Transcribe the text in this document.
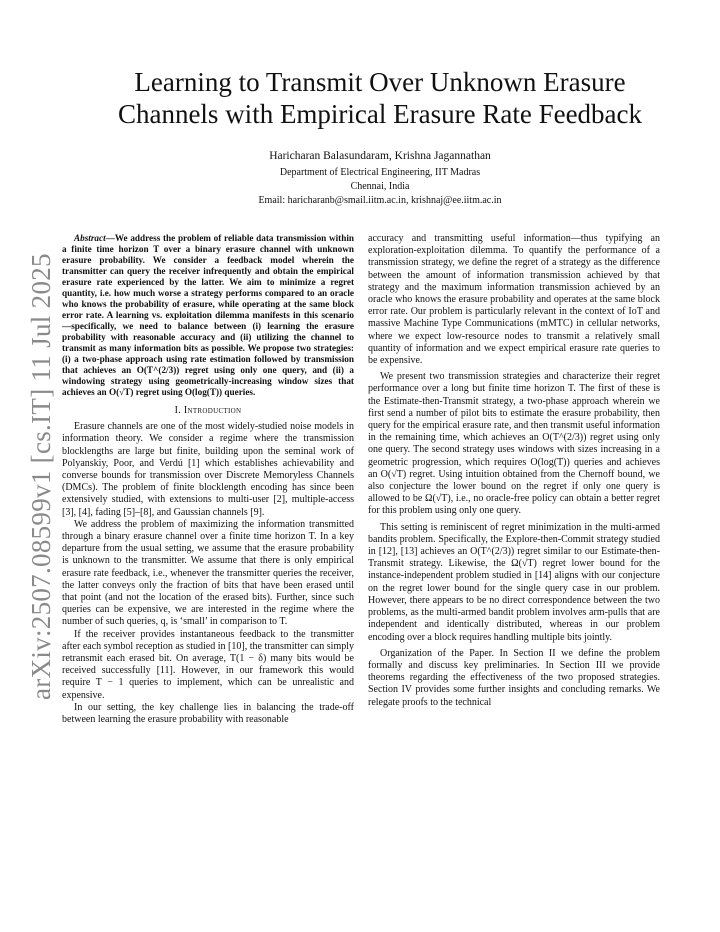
arXiv:2507.08599v1 [cs.IT] 11 Jul 2025
Learning to Transmit Over Unknown Erasure
Channels with Empirical Erasure Rate Feedback
Haricharan Balasundaram, Krishna Jagannathan
Department of Electrical Engineering, IIT Madras
Chennai, India
Email: haricharanb@smail.iitm.ac.in, krishnaj@ee.iitm.ac.in

Abstract—We address the problem of reliable data transmission within a finite time horizon T over a binary erasure channel with unknown erasure probability. We consider a feedback model wherein the transmitter can query the receiver infrequently and obtain the empirical erasure rate experienced by the latter. We aim to minimize a regret quantity, i.e. how much worse a strategy performs compared to an oracle who knows the probability of erasure, while operating at the same block error rate. A learning vs. exploitation dilemma manifests in this scenario—specifically, we need to balance between (i) learning the erasure probability with reasonable accuracy and (ii) utilizing the channel to transmit as many information bits as possible. We propose two strategies: (i) a two-phase approach using rate estimation followed by transmission that achieves an O(T^(2/3)) regret using only one query, and (ii) a windowing strategy using geometrically-increasing window sizes that achieves an O(√T) regret using O(log(T)) queries.

I. Introduction

Erasure channels are one of the most widely-studied noise models in information theory. We consider a regime where the transmission blocklengths are large but finite, building upon the seminal work of Polyanskiy, Poor, and Verdú [1] which establishes achievability and converse bounds for transmission over Discrete Memoryless Channels (DMCs). The problem of finite blocklength encoding has since been extensively studied, with extensions to multi-user [2], multiple-access [3], [4], fading [5]–[8], and Gaussian channels [9].

We address the problem of maximizing the information transmitted through a binary erasure channel over a finite time horizon T. In a key departure from the usual setting, we assume that the erasure probability is unknown to the transmitter. We assume that there is only empirical erasure rate feedback, i.e., whenever the transmitter queries the receiver, the latter conveys only the fraction of bits that have been erased until that point (and not the location of the erased bits). Further, since such queries can be expensive, we are interested in the regime where the number of such queries, q, is ‘small’ in comparison to T.

If the receiver provides instantaneous feedback to the transmitter after each symbol reception as studied in [10], the transmitter can simply retransmit each erased bit. On average, T(1 − δ) many bits would be received successfully [11]. However, in our framework this would require T − 1 queries to implement, which can be unrealistic and expensive.

In our setting, the key challenge lies in balancing the trade-off between learning the erasure probability with reasonable

accuracy and transmitting useful information—thus typifying an exploration-exploitation dilemma. To quantify the performance of a transmission strategy, we define the regret of a strategy as the difference between the amount of information transmission achieved by that strategy and the maximum information transmission achieved by an oracle who knows the erasure probability and operates at the same block error rate. Our problem is particularly relevant in the context of IoT and massive Machine Type Communications (mMTC) in cellular networks, where we expect low-resource nodes to transmit a relatively small quantity of information and we expect empirical erasure rate queries to be expensive.

We present two transmission strategies and characterize their regret performance over a long but finite time horizon T. The first of these is the Estimate-then-Transmit strategy, a two-phase approach wherein we first send a number of pilot bits to estimate the erasure probability, then query for the empirical erasure rate, and then transmit useful information in the remaining time, which achieves an O(T^(2/3)) regret using only one query. The second strategy uses windows with sizes increasing in a geometric progression, which requires O(log(T)) queries and achieves an O(√T) regret. Using intuition obtained from the Chernoff bound, we also conjecture the lower bound on the regret if only one query is allowed to be Ω(√T), i.e., no oracle-free policy can obtain a better regret for this problem using only one query.

This setting is reminiscent of regret minimization in the multi-armed bandits problem. Specifically, the Explore-then-Commit strategy studied in [12], [13] achieves an O(T^(2/3)) regret similar to our Estimate-then-Transmit strategy. Likewise, the Ω(√T) regret lower bound for the instance-independent problem studied in [14] aligns with our conjecture on the regret lower bound for the single query case in our problem. However, there appears to be no direct correspondence between the two problems, as the multi-armed bandit problem involves arm-pulls that are independent and identically distributed, whereas in our problem encoding over a block requires handling multiple bits jointly.

Organization of the Paper. In Section II we define the problem formally and discuss key preliminaries. In Section III we provide theorems regarding the effectiveness of the two proposed strategies. Section IV provides some further insights and concluding remarks. We relegate proofs to the technical
